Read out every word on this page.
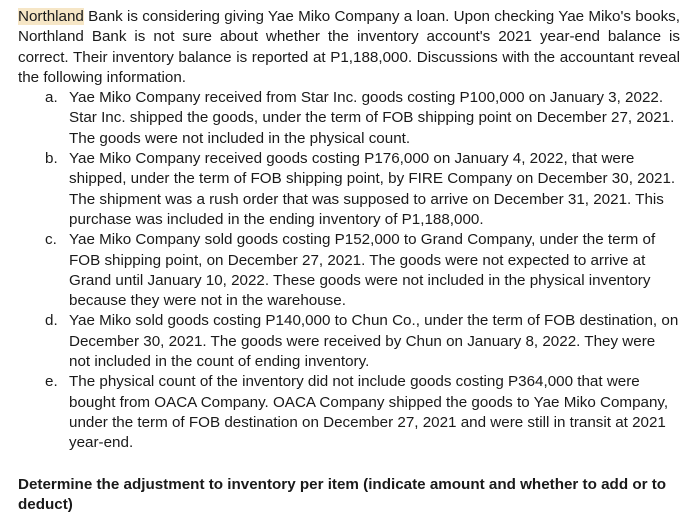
Northland Bank is considering giving Yae Miko Company a loan. Upon checking Yae Miko's books, Northland Bank is not sure about whether the inventory account's 2021 year-end balance is correct. Their inventory balance is reported at P1,188,000. Discussions with the accountant reveal the following information.

a. Yae Miko Company received from Star Inc. goods costing P100,000 on January 3, 2022. Star Inc. shipped the goods, under the term of FOB shipping point on December 27, 2021. The goods were not included in the physical count.
b. Yae Miko Company received goods costing P176,000 on January 4, 2022, that were shipped, under the term of FOB shipping point, by FIRE Company on December 30, 2021. The shipment was a rush order that was supposed to arrive on December 31, 2021. This purchase was included in the ending inventory of P1,188,000.
c. Yae Miko Company sold goods costing P152,000 to Grand Company, under the term of FOB shipping point, on December 27, 2021. The goods were not expected to arrive at Grand until January 10, 2022. These goods were not included in the physical inventory because they were not in the warehouse.
d. Yae Miko sold goods costing P140,000 to Chun Co., under the term of FOB destination, on December 30, 2021. The goods were received by Chun on January 8, 2022. They were not included in the count of ending inventory.
e. The physical count of the inventory did not include goods costing P364,000 that were bought from OACA Company. OACA Company shipped the goods to Yae Miko Company, under the term of FOB destination on December 27, 2021 and were still in transit at 2021 year-end.

Determine the adjustment to inventory per item (indicate amount and whether to add or to deduct)
